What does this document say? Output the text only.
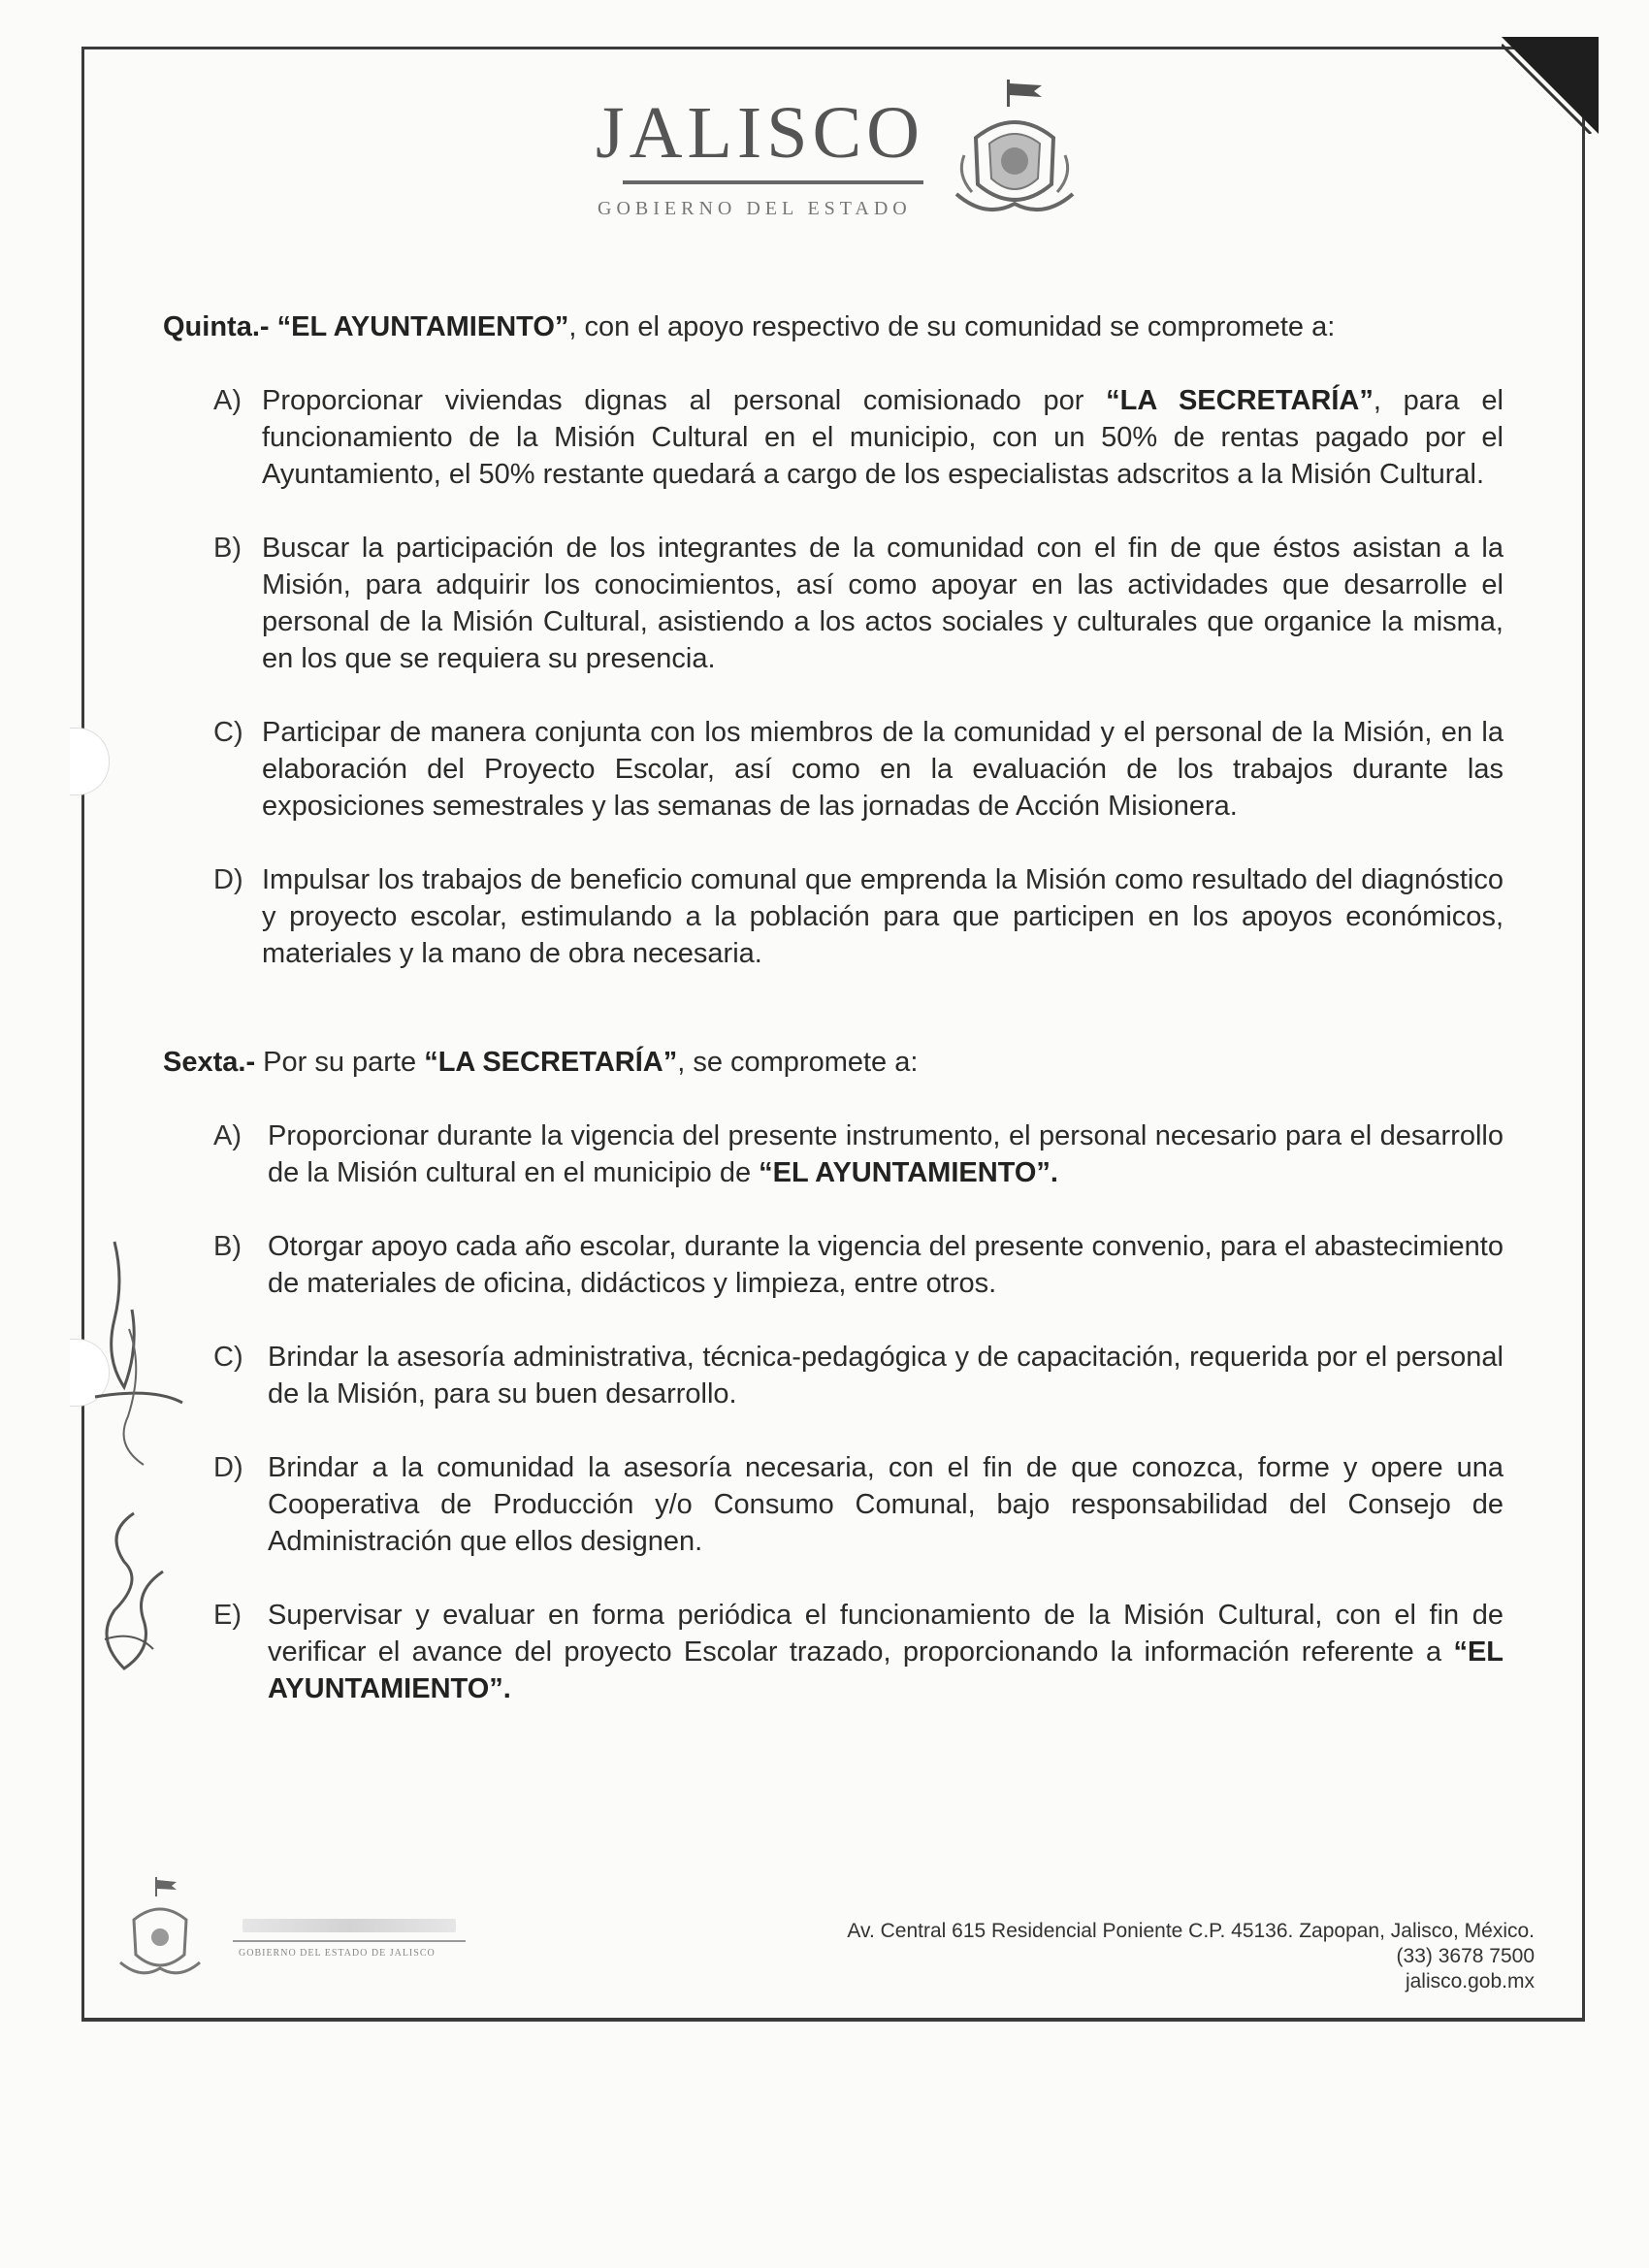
JALISCO
GOBIERNO DEL ESTADO

Quinta.- “EL AYUNTAMIENTO”, con el apoyo respectivo de su comunidad se compromete a:

A) Proporcionar viviendas dignas al personal comisionado por “LA SECRETARÍA”, para el funcionamiento de la Misión Cultural en el municipio, con un 50% de rentas pagado por el Ayuntamiento, el 50% restante quedará a cargo de los especialistas adscritos a la Misión Cultural.
B) Buscar la participación de los integrantes de la comunidad con el fin de que éstos asistan a la Misión, para adquirir los conocimientos, así como apoyar en las actividades que desarrolle el personal de la Misión Cultural, asistiendo a los actos sociales y culturales que organice la misma, en los que se requiera su presencia.
C) Participar de manera conjunta con los miembros de la comunidad y el personal de la Misión, en la elaboración del Proyecto Escolar, así como en la evaluación de los trabajos durante las exposiciones semestrales y las semanas de las jornadas de Acción Misionera.
D) Impulsar los trabajos de beneficio comunal que emprenda la Misión como resultado del diagnóstico y proyecto escolar, estimulando a la población para que participen en los apoyos económicos, materiales y la mano de obra necesaria.

Sexta.- Por su parte “LA SECRETARÍA”, se compromete a:

A) Proporcionar durante la vigencia del presente instrumento, el personal necesario para el desarrollo de la Misión cultural en el municipio de “EL AYUNTAMIENTO”.
B) Otorgar apoyo cada año escolar, durante la vigencia del presente convenio, para el abastecimiento de materiales de oficina, didácticos y limpieza, entre otros.
C) Brindar la asesoría administrativa, técnica-pedagógica y de capacitación, requerida por el personal de la Misión, para su buen desarrollo.
D) Brindar a la comunidad la asesoría necesaria, con el fin de que conozca, forme y opere una Cooperativa de Producción y/o Consumo Comunal, bajo responsabilidad del Consejo de Administración que ellos designen.
E) Supervisar y evaluar en forma periódica el funcionamiento de la Misión Cultural, con el fin de verificar el avance del proyecto Escolar trazado, proporcionando la información referente a “EL AYUNTAMIENTO”.
GOBIERNO DEL ESTADO DE JALISCO
Av. Central 615 Residencial Poniente C.P. 45136. Zapopan, Jalisco, México.
(33) 3678 7500
jalisco.gob.mx
